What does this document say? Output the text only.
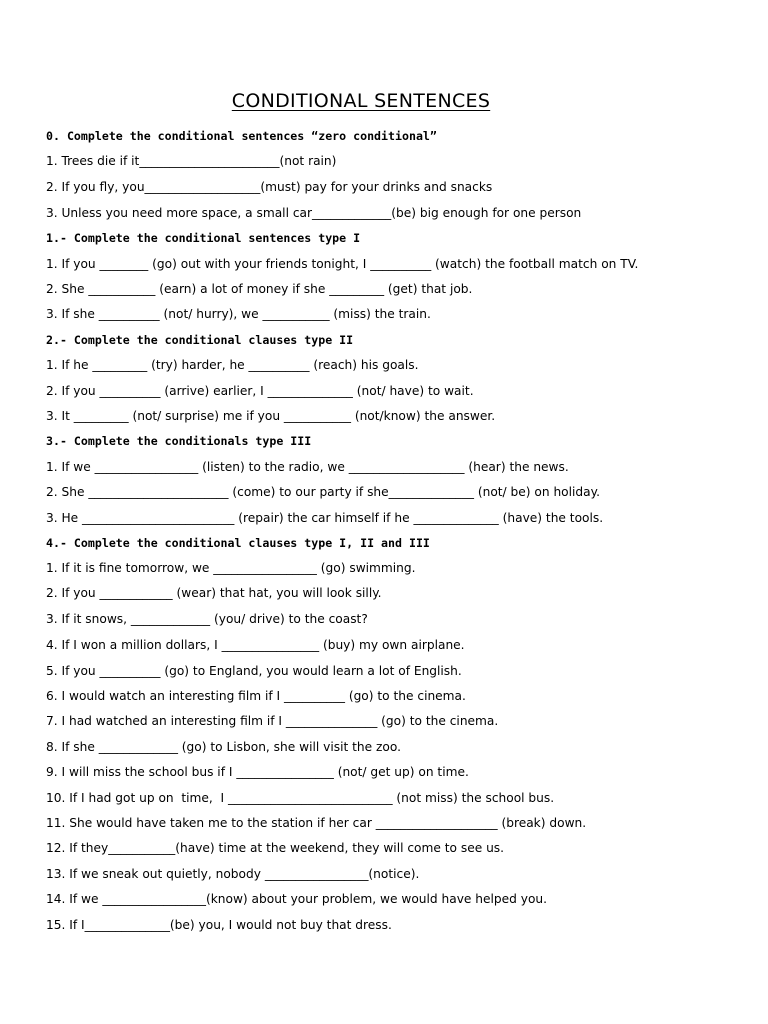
CONDITIONAL SENTENCES
0. Complete the conditional sentences “zero conditional”
1. Trees die if it_______________________(not rain)
2. If you fly, you___________________(must) pay for your drinks and snacks
3. Unless you need more space, a small car_____________(be) big enough for one person
1.- Complete the conditional sentences type I
1. If you ________ (go) out with your friends tonight, I __________ (watch) the football match on TV.
2. She ___________ (earn) a lot of money if she _________ (get) that job.
3. If she __________ (not/ hurry), we ___________ (miss) the train.
2.- Complete the conditional clauses type II
1. If he _________ (try) harder, he __________ (reach) his goals.
2. If you __________ (arrive) earlier, I ______________ (not/ have) to wait.
3. It _________ (not/ surprise) me if you ___________ (not/know) the answer.
3.- Complete the conditionals type III
1. If we _________________ (listen) to the radio, we ___________________ (hear) the news.
2. She _______________________ (come) to our party if she______________ (not/ be) on holiday.
3. He _________________________ (repair) the car himself if he ______________ (have) the tools.
4.- Complete the conditional clauses type I, II and III
1. If it is fine tomorrow, we _________________ (go) swimming.
2. If you ____________ (wear) that hat, you will look silly.
3. If it snows, _____________ (you/ drive) to the coast?
4. If I won a million dollars, I ________________ (buy) my own airplane.
5. If you __________ (go) to England, you would learn a lot of English.
6. I would watch an interesting film if I __________ (go) to the cinema.
7. I had watched an interesting film if I _______________ (go) to the cinema.
8. If she _____________ (go) to Lisbon, she will visit the zoo.
9. I will miss the school bus if I ________________ (not/ get up) on time.
10. If I had got up on  time,  I ___________________________ (not miss) the school bus.
11. She would have taken me to the station if her car ____________________ (break) down.
12. If they___________(have) time at the weekend, they will come to see us.
13. If we sneak out quietly, nobody _________________(notice).
14. If we _________________(know) about your problem, we would have helped you.
15. If I______________(be) you, I would not buy that dress.
